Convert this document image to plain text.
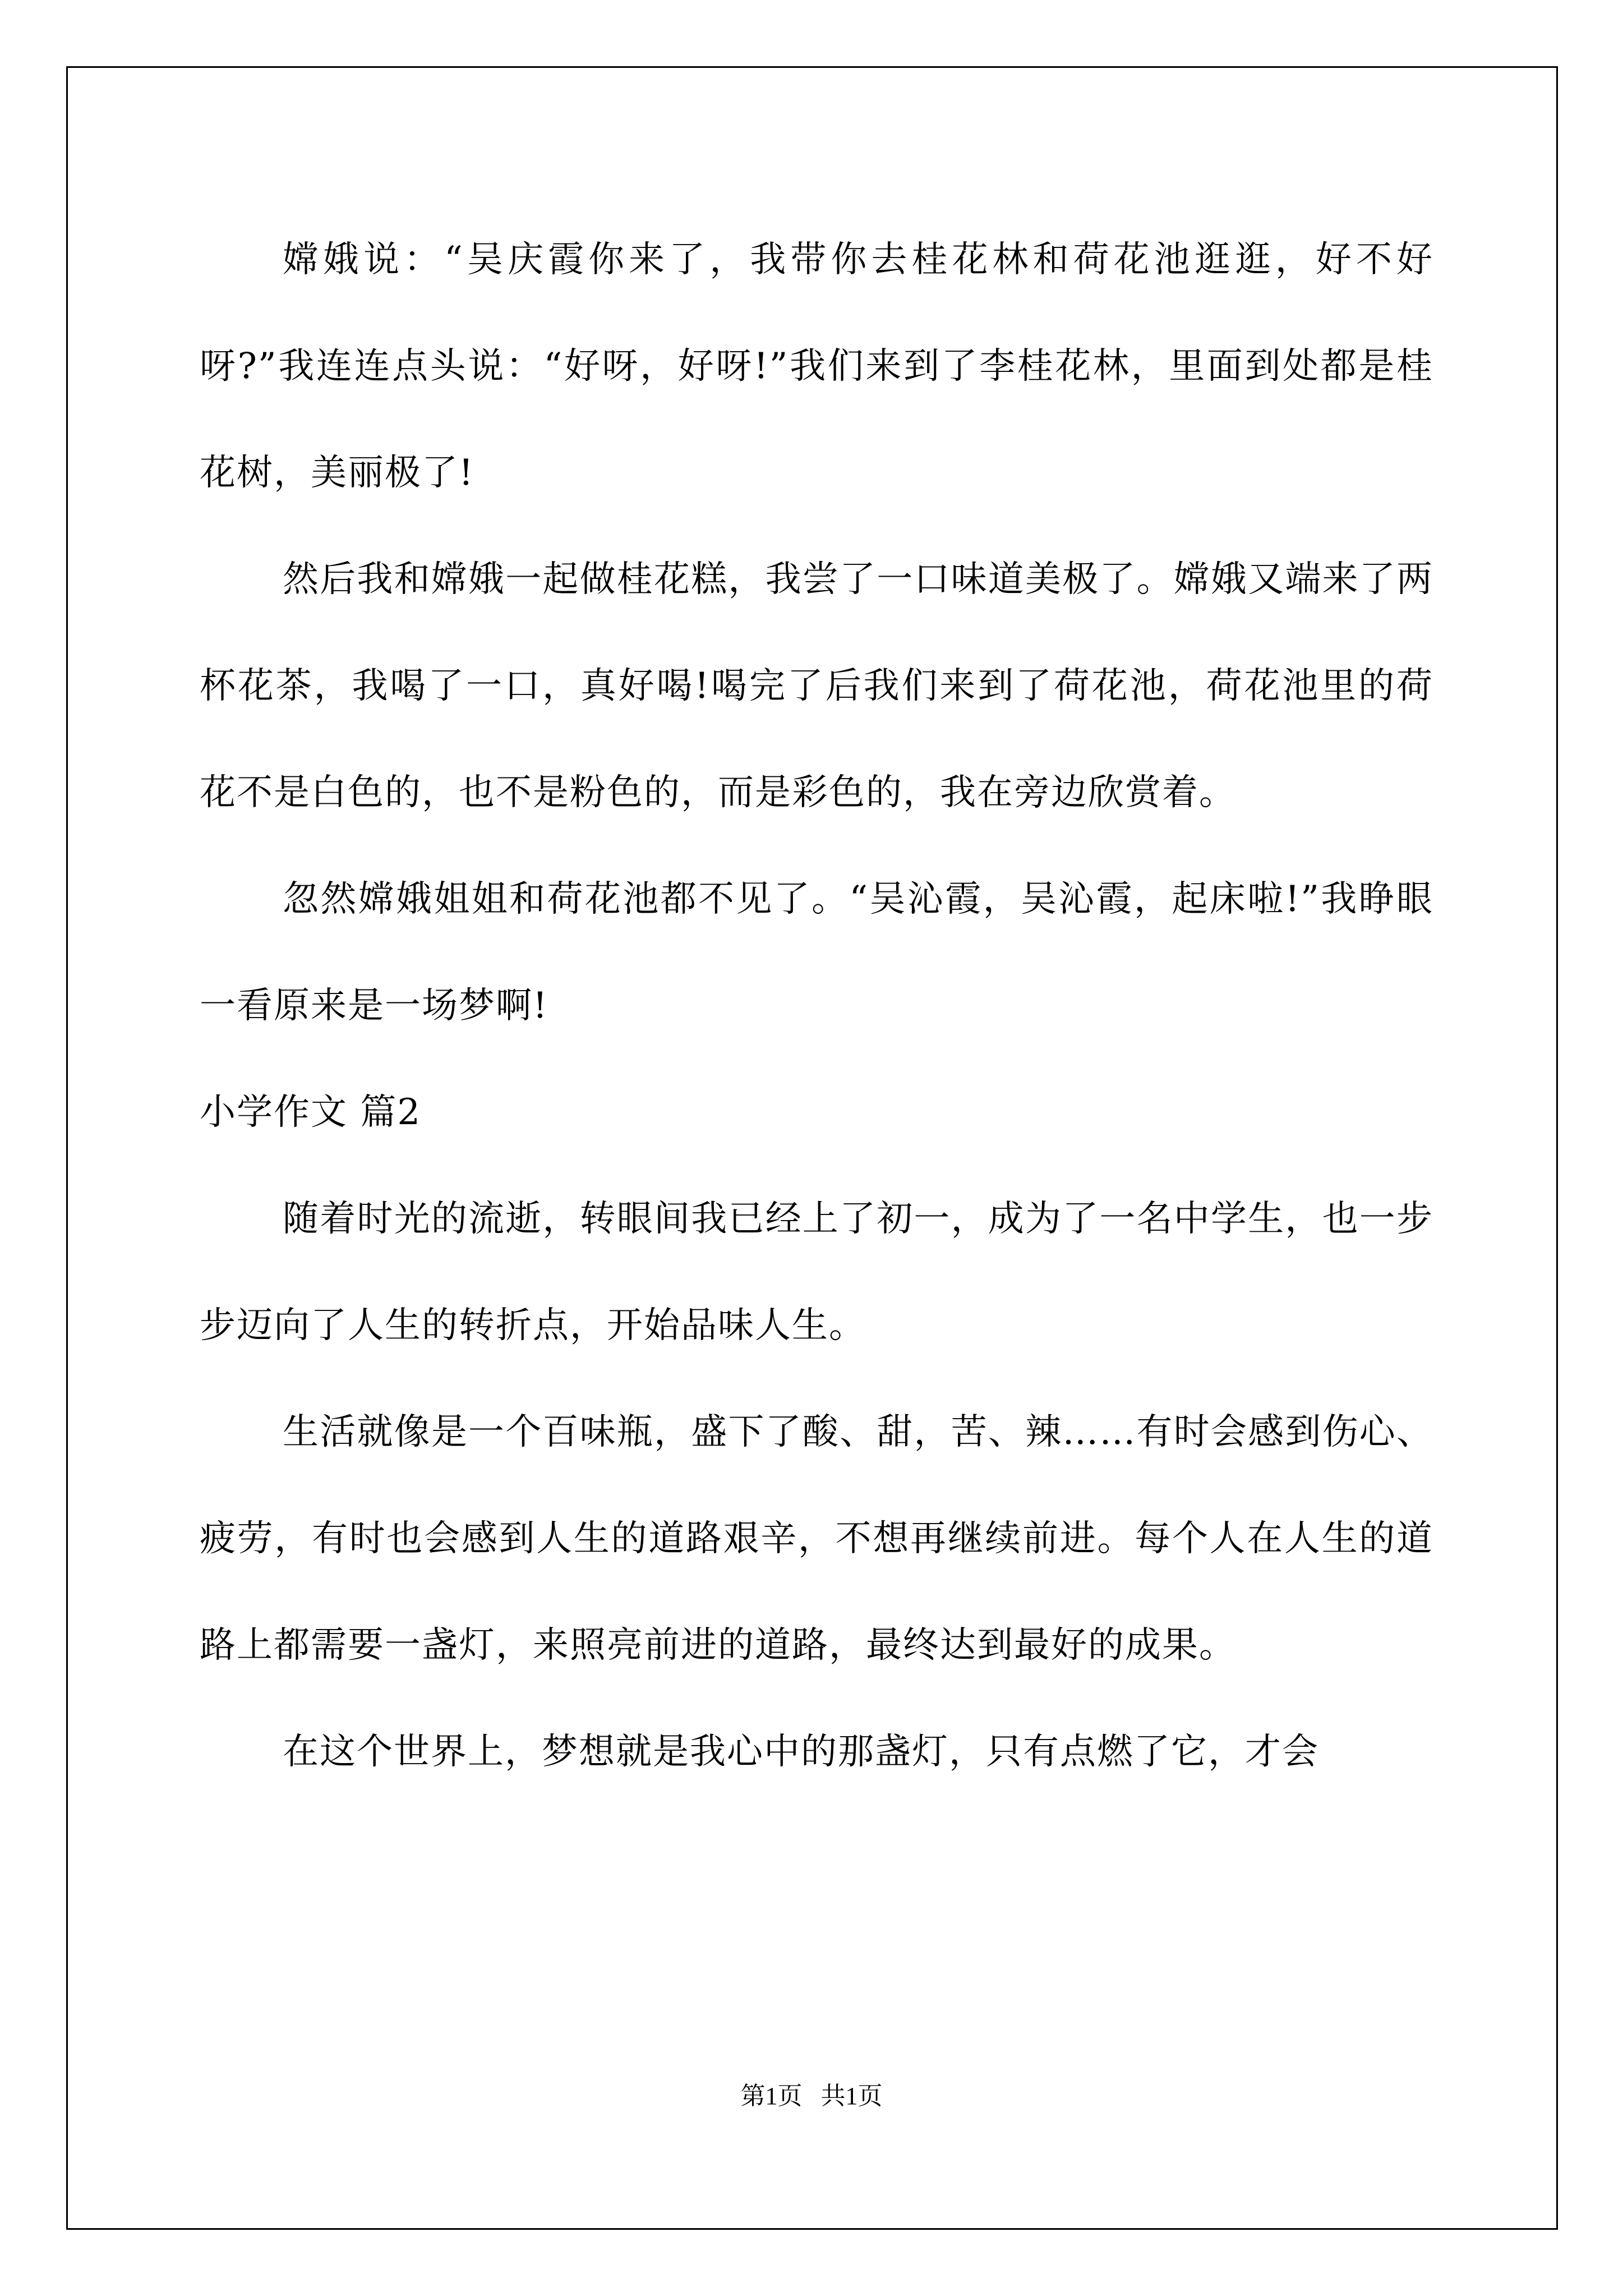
嫦娥说：“吴庆霞你来了，我带你去桂花林和荷花池逛逛，好不好呀?”我连连点头说：“好呀，好呀!”我们来到了李桂花林，里面到处都是桂花树，美丽极了!

然后我和嫦娥一起做桂花糕，我尝了一口味道美极了。嫦娥又端来了两杯花茶，我喝了一口，真好喝!喝完了后我们来到了荷花池，荷花池里的荷花不是白色的，也不是粉色的，而是彩色的，我在旁边欣赏着。

忽然嫦娥姐姐和荷花池都不见了。“吴沁霞，吴沁霞，起床啦!”我睁眼一看原来是一场梦啊!

小学作文 篇2

随着时光的流逝，转眼间我已经上了初一，成为了一名中学生，也一步步迈向了人生的转折点，开始品味人生。

生活就像是一个百味瓶，盛下了酸、甜，苦、辣……有时会感到伤心、疲劳，有时也会感到人生的道路艰辛，不想再继续前进。每个人在人生的道路上都需要一盏灯，来照亮前进的道路，最终达到最好的成果。

在这个世界上，梦想就是我心中的那盏灯，只有点燃了它，才会

第1页   共1页
